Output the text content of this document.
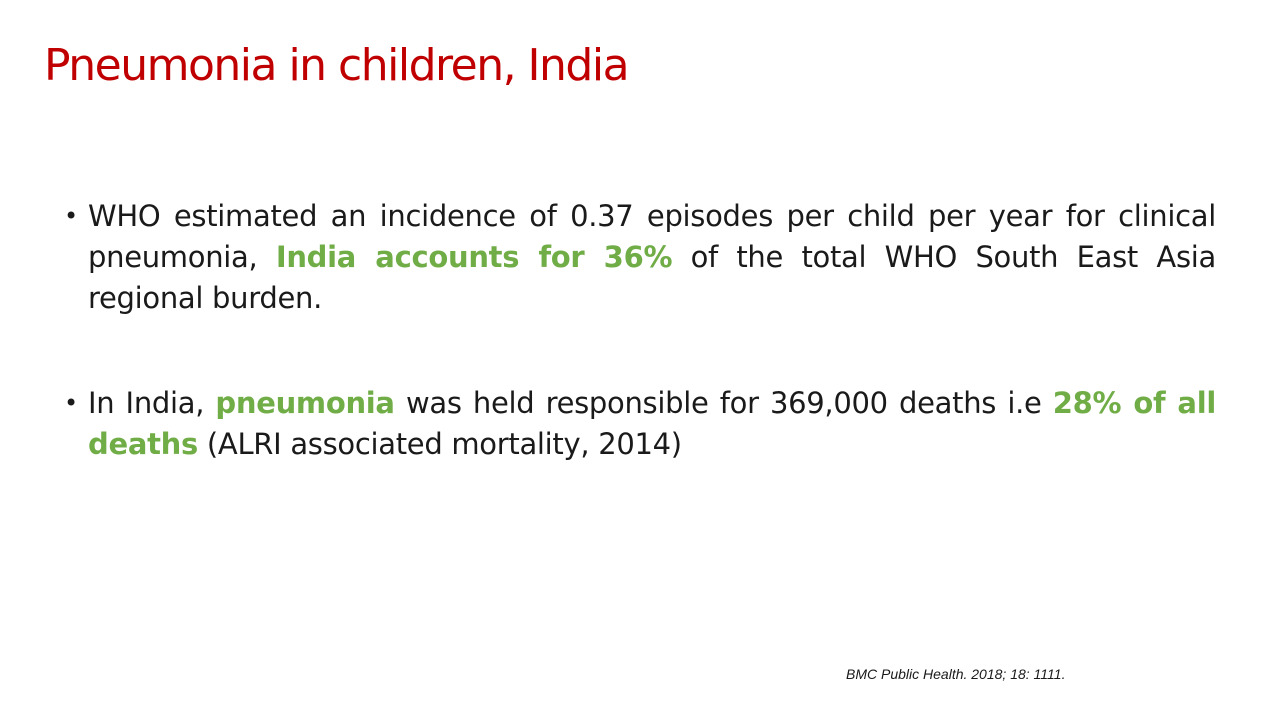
Pneumonia in children, India
• WHO estimated an incidence of 0.37 episodes per child per year for clinical pneumonia, India accounts for 36% of the total WHO South East Asia regional burden.
• In India, pneumonia was held responsible for 369,000 deaths i.e 28% of all deaths (ALRI associated mortality, 2014)
BMC Public Health. 2018; 18: 1111.
